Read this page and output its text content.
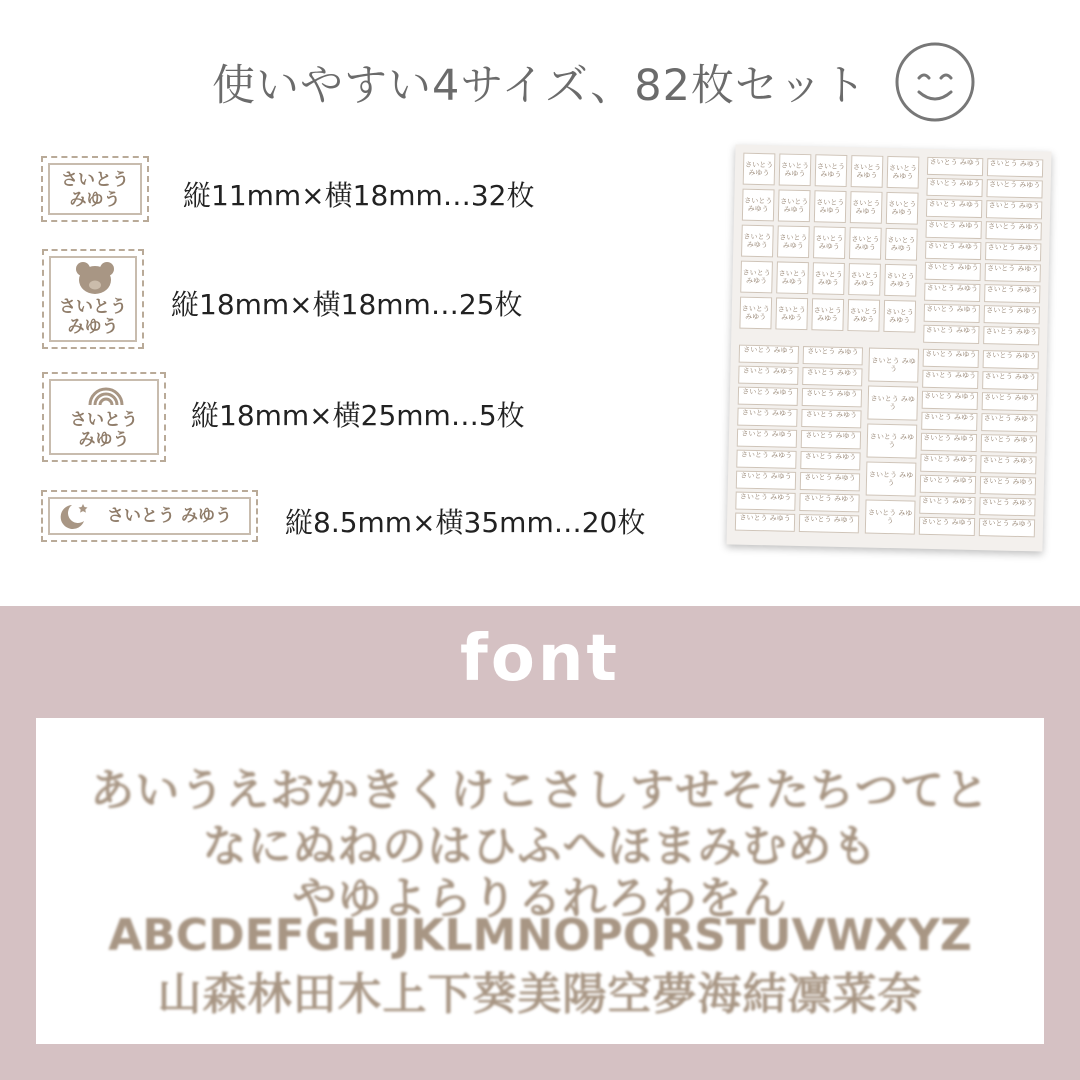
使いやすい4サイズ、82枚セット
さいとう
みゆう	縦11mm×横18mm…32枚
さいとう
みゆう
縦18mm×横18mm…25枚
さいとう
みゆう
縦18mm×横25mm…5枚
さいとう みゆう	縦8.5mm×横35mm…20枚
さいとう みゆう
さいとう みゆう
さいとう みゆう
さいとう みゆう
さいとう みゆう
さいとう みゆう
さいとう みゆう
さいとう みゆう
さいとう みゆう
さいとう みゆう
さいとう みゆう
さいとう みゆう
さいとう みゆう
さいとう みゆう
さいとう みゆう
さいとう みゆう
さいとう みゆう
さいとう みゆう
さいとう みゆう
さいとう みゆう
さいとう みゆう
さいとう みゆう
さいとう みゆう
さいとう みゆう
さいとう みゆう
さいとう みゆう	さいとう みゆう
さいとう みゆう	さいとう みゆう
さいとう みゆう	さいとう みゆう
さいとう みゆう	さいとう みゆう
さいとう みゆう	さいとう みゆう
さいとう みゆう	さいとう みゆう
さいとう みゆう	さいとう みゆう
さいとう みゆう	さいとう みゆう
さいとう みゆう	さいとう みゆう
さいとう みゆう	さいとう みゆう
さいとう みゆう	さいとう みゆう
さいとう みゆう	さいとう みゆう
さいとう みゆう	さいとう みゆう
さいとう みゆう	さいとう みゆう
さいとう みゆう	さいとう みゆう
さいとう みゆう	さいとう みゆう
さいとう みゆう	さいとう みゆう
さいとう みゆう	さいとう みゆう
さいとう みゆう
さいとう みゆう
さいとう みゆう
さいとう みゆう
さいとう みゆう
さいとう みゆう	さいとう みゆう
さいとう みゆう	さいとう みゆう
さいとう みゆう	さいとう みゆう
さいとう みゆう	さいとう みゆう
さいとう みゆう	さいとう みゆう
さいとう みゆう	さいとう みゆう
さいとう みゆう	さいとう みゆう
さいとう みゆう	さいとう みゆう
さいとう みゆう	さいとう みゆう
font
あいうえおかきくけこさしすせそたちつてと
なにぬねのはひふへほまみむめも
やゆよらりるれろわをん
ABCDEFGHIJKLMNOPQRSTUVWXYZ
山森林田木上下葵美陽空夢海結凛菜奈
